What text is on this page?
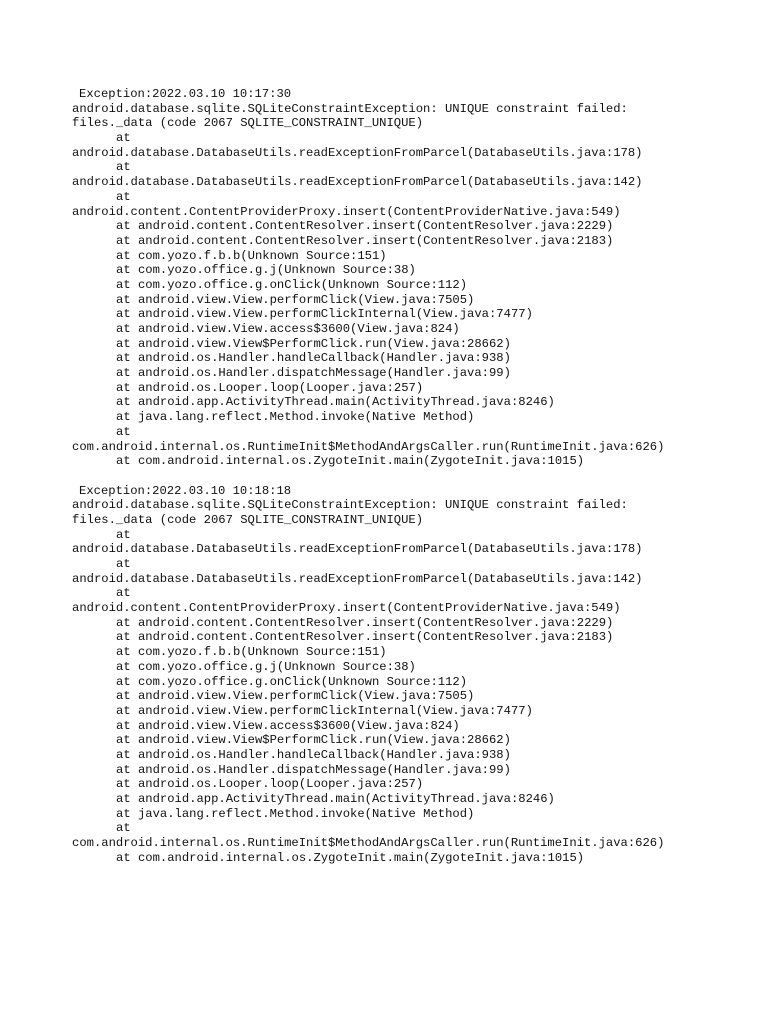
Exception:2022.03.10 10:17:30
android.database.sqlite.SQLiteConstraintException: UNIQUE constraint failed:
files._data (code 2067 SQLITE_CONSTRAINT_UNIQUE)
at
android.database.DatabaseUtils.readExceptionFromParcel(DatabaseUtils.java:178)
at
android.database.DatabaseUtils.readExceptionFromParcel(DatabaseUtils.java:142)
at
android.content.ContentProviderProxy.insert(ContentProviderNative.java:549)
at android.content.ContentResolver.insert(ContentResolver.java:2229)
at android.content.ContentResolver.insert(ContentResolver.java:2183)
at com.yozo.f.b.b(Unknown Source:151)
at com.yozo.office.g.j(Unknown Source:38)
at com.yozo.office.g.onClick(Unknown Source:112)
at android.view.View.performClick(View.java:7505)
at android.view.View.performClickInternal(View.java:7477)
at android.view.View.access$3600(View.java:824)
at android.view.View$PerformClick.run(View.java:28662)
at android.os.Handler.handleCallback(Handler.java:938)
at android.os.Handler.dispatchMessage(Handler.java:99)
at android.os.Looper.loop(Looper.java:257)
at android.app.ActivityThread.main(ActivityThread.java:8246)
at java.lang.reflect.Method.invoke(Native Method)
at
com.android.internal.os.RuntimeInit$MethodAndArgsCaller.run(RuntimeInit.java:626)
at com.android.internal.os.ZygoteInit.main(ZygoteInit.java:1015)
Exception:2022.03.10 10:18:18
android.database.sqlite.SQLiteConstraintException: UNIQUE constraint failed:
files._data (code 2067 SQLITE_CONSTRAINT_UNIQUE)
at
android.database.DatabaseUtils.readExceptionFromParcel(DatabaseUtils.java:178)
at
android.database.DatabaseUtils.readExceptionFromParcel(DatabaseUtils.java:142)
at
android.content.ContentProviderProxy.insert(ContentProviderNative.java:549)
at android.content.ContentResolver.insert(ContentResolver.java:2229)
at android.content.ContentResolver.insert(ContentResolver.java:2183)
at com.yozo.f.b.b(Unknown Source:151)
at com.yozo.office.g.j(Unknown Source:38)
at com.yozo.office.g.onClick(Unknown Source:112)
at android.view.View.performClick(View.java:7505)
at android.view.View.performClickInternal(View.java:7477)
at android.view.View.access$3600(View.java:824)
at android.view.View$PerformClick.run(View.java:28662)
at android.os.Handler.handleCallback(Handler.java:938)
at android.os.Handler.dispatchMessage(Handler.java:99)
at android.os.Looper.loop(Looper.java:257)
at android.app.ActivityThread.main(ActivityThread.java:8246)
at java.lang.reflect.Method.invoke(Native Method)
at
com.android.internal.os.RuntimeInit$MethodAndArgsCaller.run(RuntimeInit.java:626)
at com.android.internal.os.ZygoteInit.main(ZygoteInit.java:1015)
